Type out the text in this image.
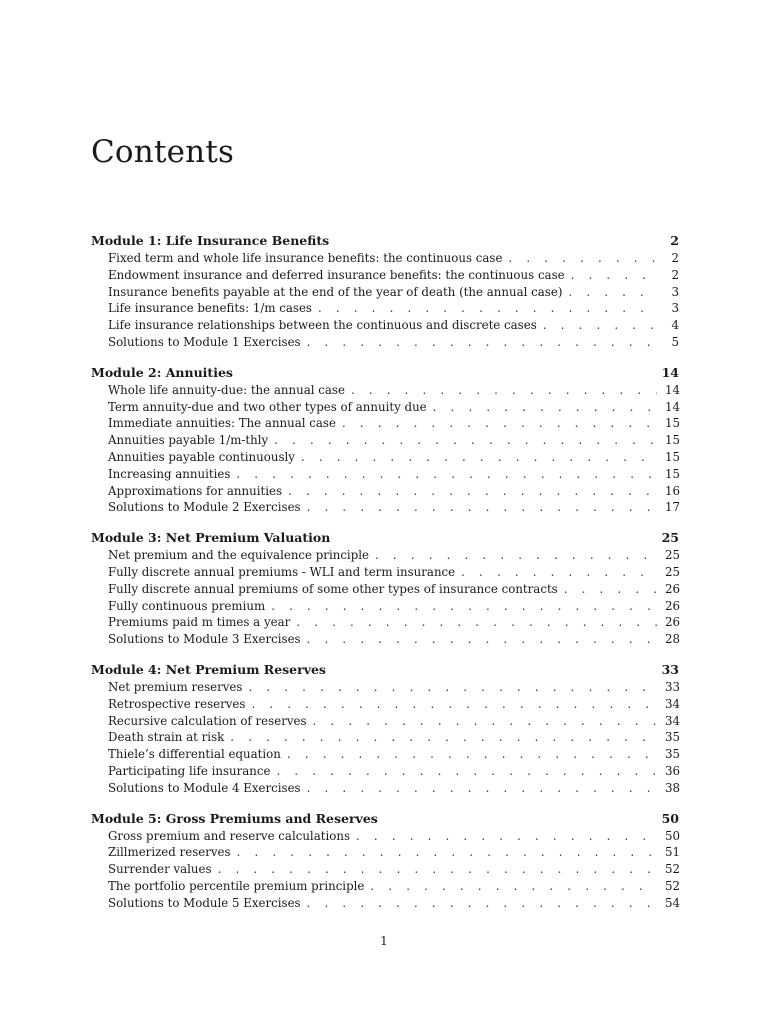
Contents
Module 1: Life Insurance Benefits	2
Fixed term and whole life insurance benefits: the continuous case . . .	2
Endowment insurance and deferred insurance benefits: the continuous case . . .	2
Insurance benefits payable at the end of the year of death (the annual case) . . .	3
Life insurance benefits: 1/m cases . . .	3
Life insurance relationships between the continuous and discrete cases . . .	4
Solutions to Module 1 Exercises . . .	5
Module 2: Annuities	14
Whole life annuity-due: the annual case . . .	14
Term annuity-due and two other types of annuity due . . .	14
Immediate annuities: The annual case . . .	15
Annuities payable 1/m-thly . . .	15
Annuities payable continuously . . .	15
Increasing annuities . . .	15
Approximations for annuities . . .	16
Solutions to Module 2 Exercises . . .	17
Module 3: Net Premium Valuation	25
Net premium and the equivalence principle . . .	25
Fully discrete annual premiums - WLI and term insurance . . .	25
Fully discrete annual premiums of some other types of insurance contracts . . .	26
Fully continuous premium . . .	26
Premiums paid m times a year . . .	26
Solutions to Module 3 Exercises . . .	28
Module 4: Net Premium Reserves	33
Net premium reserves . . .	33
Retrospective reserves . . .	34
Recursive calculation of reserves . . .	34
Death strain at risk . . .	35
Thiele’s differential equation . . .	35
Participating life insurance . . .	36
Solutions to Module 4 Exercises . . .	38
Module 5: Gross Premiums and Reserves	50
Gross premium and reserve calculations . . .	50
Zillmerized reserves . . .	51
Surrender values . . .	52
The portfolio percentile premium principle . . .	52
Solutions to Module 5 Exercises . . .	54
1
